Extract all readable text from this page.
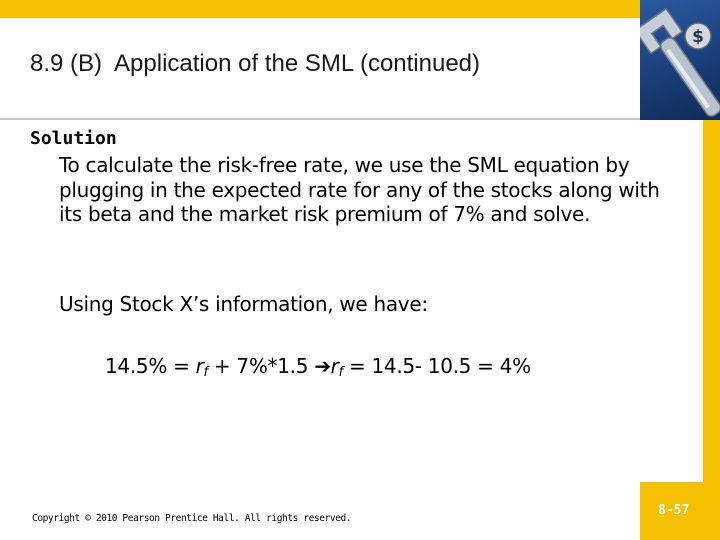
$
8.9 (B)  Application of the SML (continued)
Solution
To calculate the risk-free rate, we use the SML equation by plugging in the expected rate for any of the stocks along with its beta and the market risk premium of 7% and solve.
Using Stock X’s information, we have:
$14.5\% = r_f + 7\%*1.5$ $➔r_f = 14.5-$ 10.5 = 4%
Copyright © 2010 Pearson Prentice Hall. All rights reserved.
8-57
